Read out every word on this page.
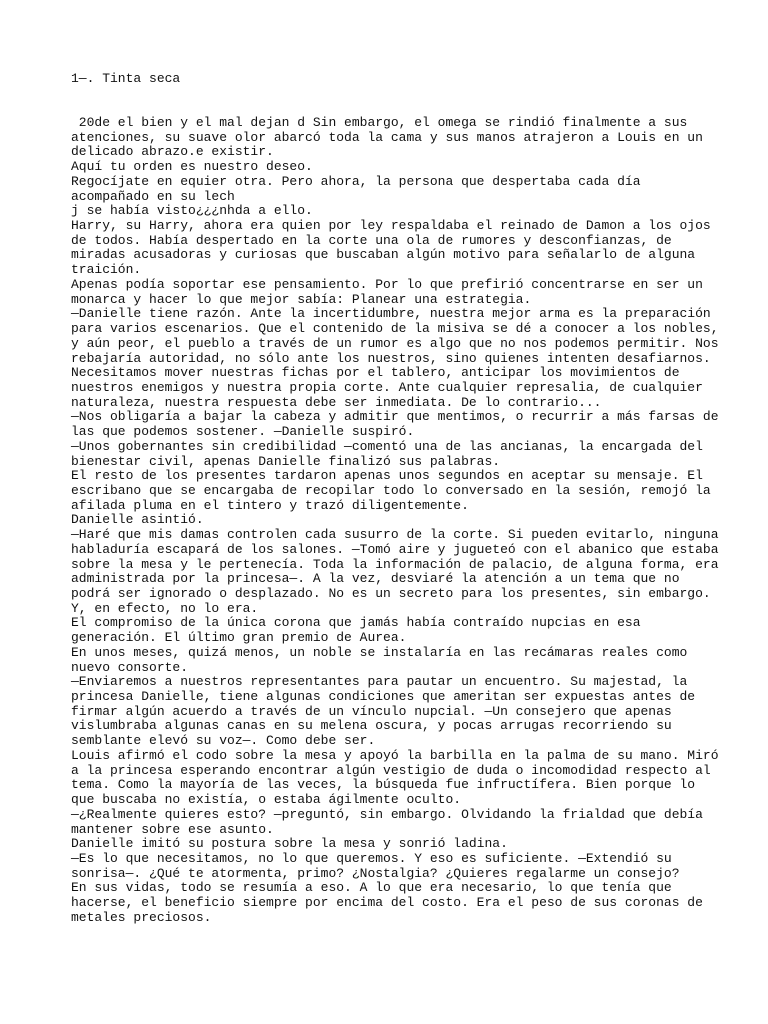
1—. Tinta seca
20de el bien y el mal dejan d Sin embargo, el omega se rindió finalmente a sus
atenciones, su suave olor abarcó toda la cama y sus manos atrajeron a Louis en un
delicado abrazo.e existir.
Aquí tu orden es nuestro deseo.
Regocíjate en equier otra. Pero ahora, la persona que despertaba cada día
acompañado en su lech
j se había visto¿¿¿nhda a ello.
Harry, su Harry, ahora era quien por ley respaldaba el reinado de Damon a los ojos
de todos. Había despertado en la corte una ola de rumores y desconfianzas, de
miradas acusadoras y curiosas que buscaban algún motivo para señalarlo de alguna
traición.
Apenas podía soportar ese pensamiento. Por lo que prefirió concentrarse en ser un
monarca y hacer lo que mejor sabía: Planear una estrategia.
—Danielle tiene razón. Ante la incertidumbre, nuestra mejor arma es la preparación
para varios escenarios. Que el contenido de la misiva se dé a conocer a los nobles,
y aún peor, el pueblo a través de un rumor es algo que no nos podemos permitir. Nos
rebajaría autoridad, no sólo ante los nuestros, sino quienes intenten desafiarnos.
Necesitamos mover nuestras fichas por el tablero, anticipar los movimientos de
nuestros enemigos y nuestra propia corte. Ante cualquier represalia, de cualquier
naturaleza, nuestra respuesta debe ser inmediata. De lo contrario...
—Nos obligaría a bajar la cabeza y admitir que mentimos, o recurrir a más farsas de
las que podemos sostener. —Danielle suspiró.
—Unos gobernantes sin credibilidad —comentó una de las ancianas, la encargada del
bienestar civil, apenas Danielle finalizó sus palabras.
El resto de los presentes tardaron apenas unos segundos en aceptar su mensaje. El
escribano que se encargaba de recopilar todo lo conversado en la sesión, remojó la
afilada pluma en el tintero y trazó diligentemente.
Danielle asintió.
—Haré que mis damas controlen cada susurro de la corte. Si pueden evitarlo, ninguna
habladuría escapará de los salones. —Tomó aire y jugueteó con el abanico que estaba
sobre la mesa y le pertenecía. Toda la información de palacio, de alguna forma, era
administrada por la princesa—. A la vez, desviaré la atención a un tema que no
podrá ser ignorado o desplazado. No es un secreto para los presentes, sin embargo.
Y, en efecto, no lo era.
El compromiso de la única corona que jamás había contraído nupcias en esa
generación. El último gran premio de Aurea.
En unos meses, quizá menos, un noble se instalaría en las recámaras reales como
nuevo consorte.
—Enviaremos a nuestros representantes para pautar un encuentro. Su majestad, la
princesa Danielle, tiene algunas condiciones que ameritan ser expuestas antes de
firmar algún acuerdo a través de un vínculo nupcial. —Un consejero que apenas
vislumbraba algunas canas en su melena oscura, y pocas arrugas recorriendo su
semblante elevó su voz—. Como debe ser.
Louis afirmó el codo sobre la mesa y apoyó la barbilla en la palma de su mano. Miró
a la princesa esperando encontrar algún vestigio de duda o incomodidad respecto al
tema. Como la mayoría de las veces, la búsqueda fue infructífera. Bien porque lo
que buscaba no existía, o estaba ágilmente oculto.
—¿Realmente quieres esto? —preguntó, sin embargo. Olvidando la frialdad que debía
mantener sobre ese asunto.
Danielle imitó su postura sobre la mesa y sonrió ladina.
—Es lo que necesitamos, no lo que queremos. Y eso es suficiente. —Extendió su
sonrisa—. ¿Qué te atormenta, primo? ¿Nostalgia? ¿Quieres regalarme un consejo?
En sus vidas, todo se resumía a eso. A lo que era necesario, lo que tenía que
hacerse, el beneficio siempre por encima del costo. Era el peso de sus coronas de
metales preciosos.
